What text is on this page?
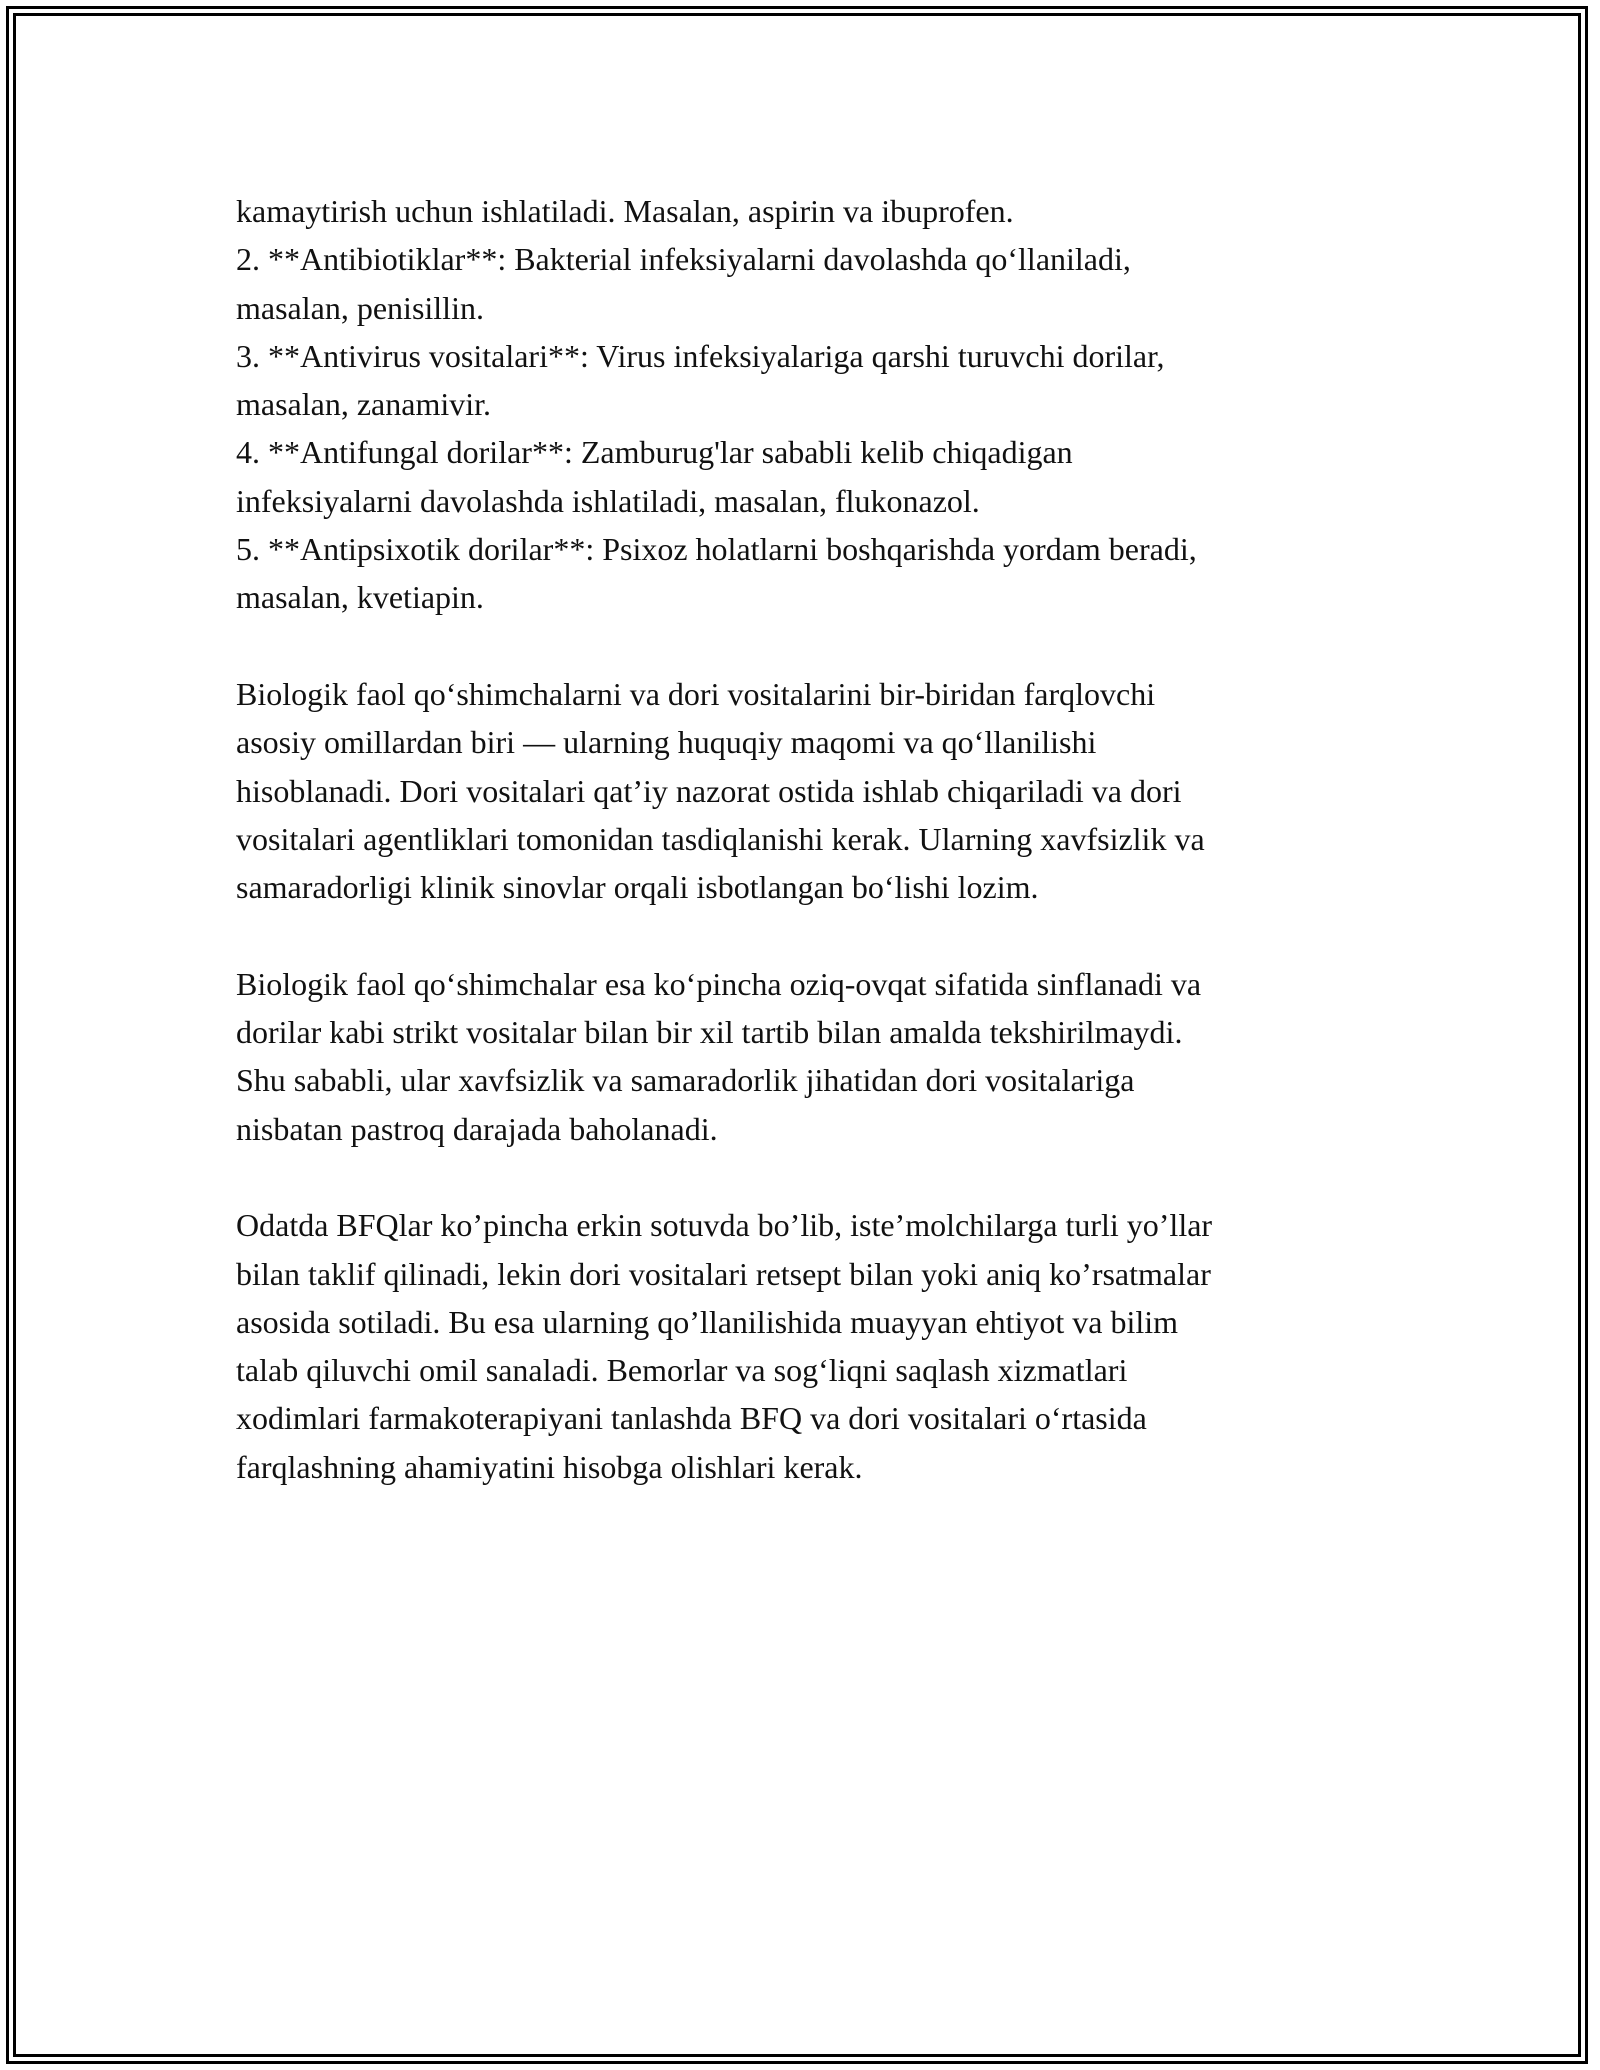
kamaytirish uchun ishlatiladi. Masalan, aspirin va ibuprofen.
2. **Antibiotiklar**: Bakterial infeksiyalarni davolashda qo‘llaniladi,
masalan, penisillin.
3. **Antivirus vositalari**: Virus infeksiyalariga qarshi turuvchi dorilar,
masalan, zanamivir.
4. **Antifungal dorilar**: Zamburug'lar sababli kelib chiqadigan
infeksiyalarni davolashda ishlatiladi, masalan, flukonazol.
5. **Antipsixotik dorilar**: Psixoz holatlarni boshqarishda yordam beradi,
masalan, kvetiapin.
Biologik faol qo‘shimchalarni va dori vositalarini bir-biridan farqlovchi
asosiy omillardan biri — ularning huquqiy maqomi va qo‘llanilishi
hisoblanadi. Dori vositalari qat’iy nazorat ostida ishlab chiqariladi va dori
vositalari agentliklari tomonidan tasdiqlanishi kerak. Ularning xavfsizlik va
samaradorligi klinik sinovlar orqali isbotlangan bo‘lishi lozim.
Biologik faol qo‘shimchalar esa ko‘pincha oziq-ovqat sifatida sinflanadi va
dorilar kabi strikt vositalar bilan bir xil tartib bilan amalda tekshirilmaydi.
Shu sababli, ular xavfsizlik va samaradorlik jihatidan dori vositalariga
nisbatan pastroq darajada baholanadi.
Odatda BFQlar ko’pincha erkin sotuvda bo’lib, iste’molchilarga turli yo’llar
bilan taklif qilinadi, lekin dori vositalari retsept bilan yoki aniq ko’rsatmalar
asosida sotiladi. Bu esa ularning qo’llanilishida muayyan ehtiyot va bilim
talab qiluvchi omil sanaladi. Bemorlar va sog‘liqni saqlash xizmatlari
xodimlari farmakoterapiyani tanlashda BFQ va dori vositalari o‘rtasida
farqlashning ahamiyatini hisobga olishlari kerak.
